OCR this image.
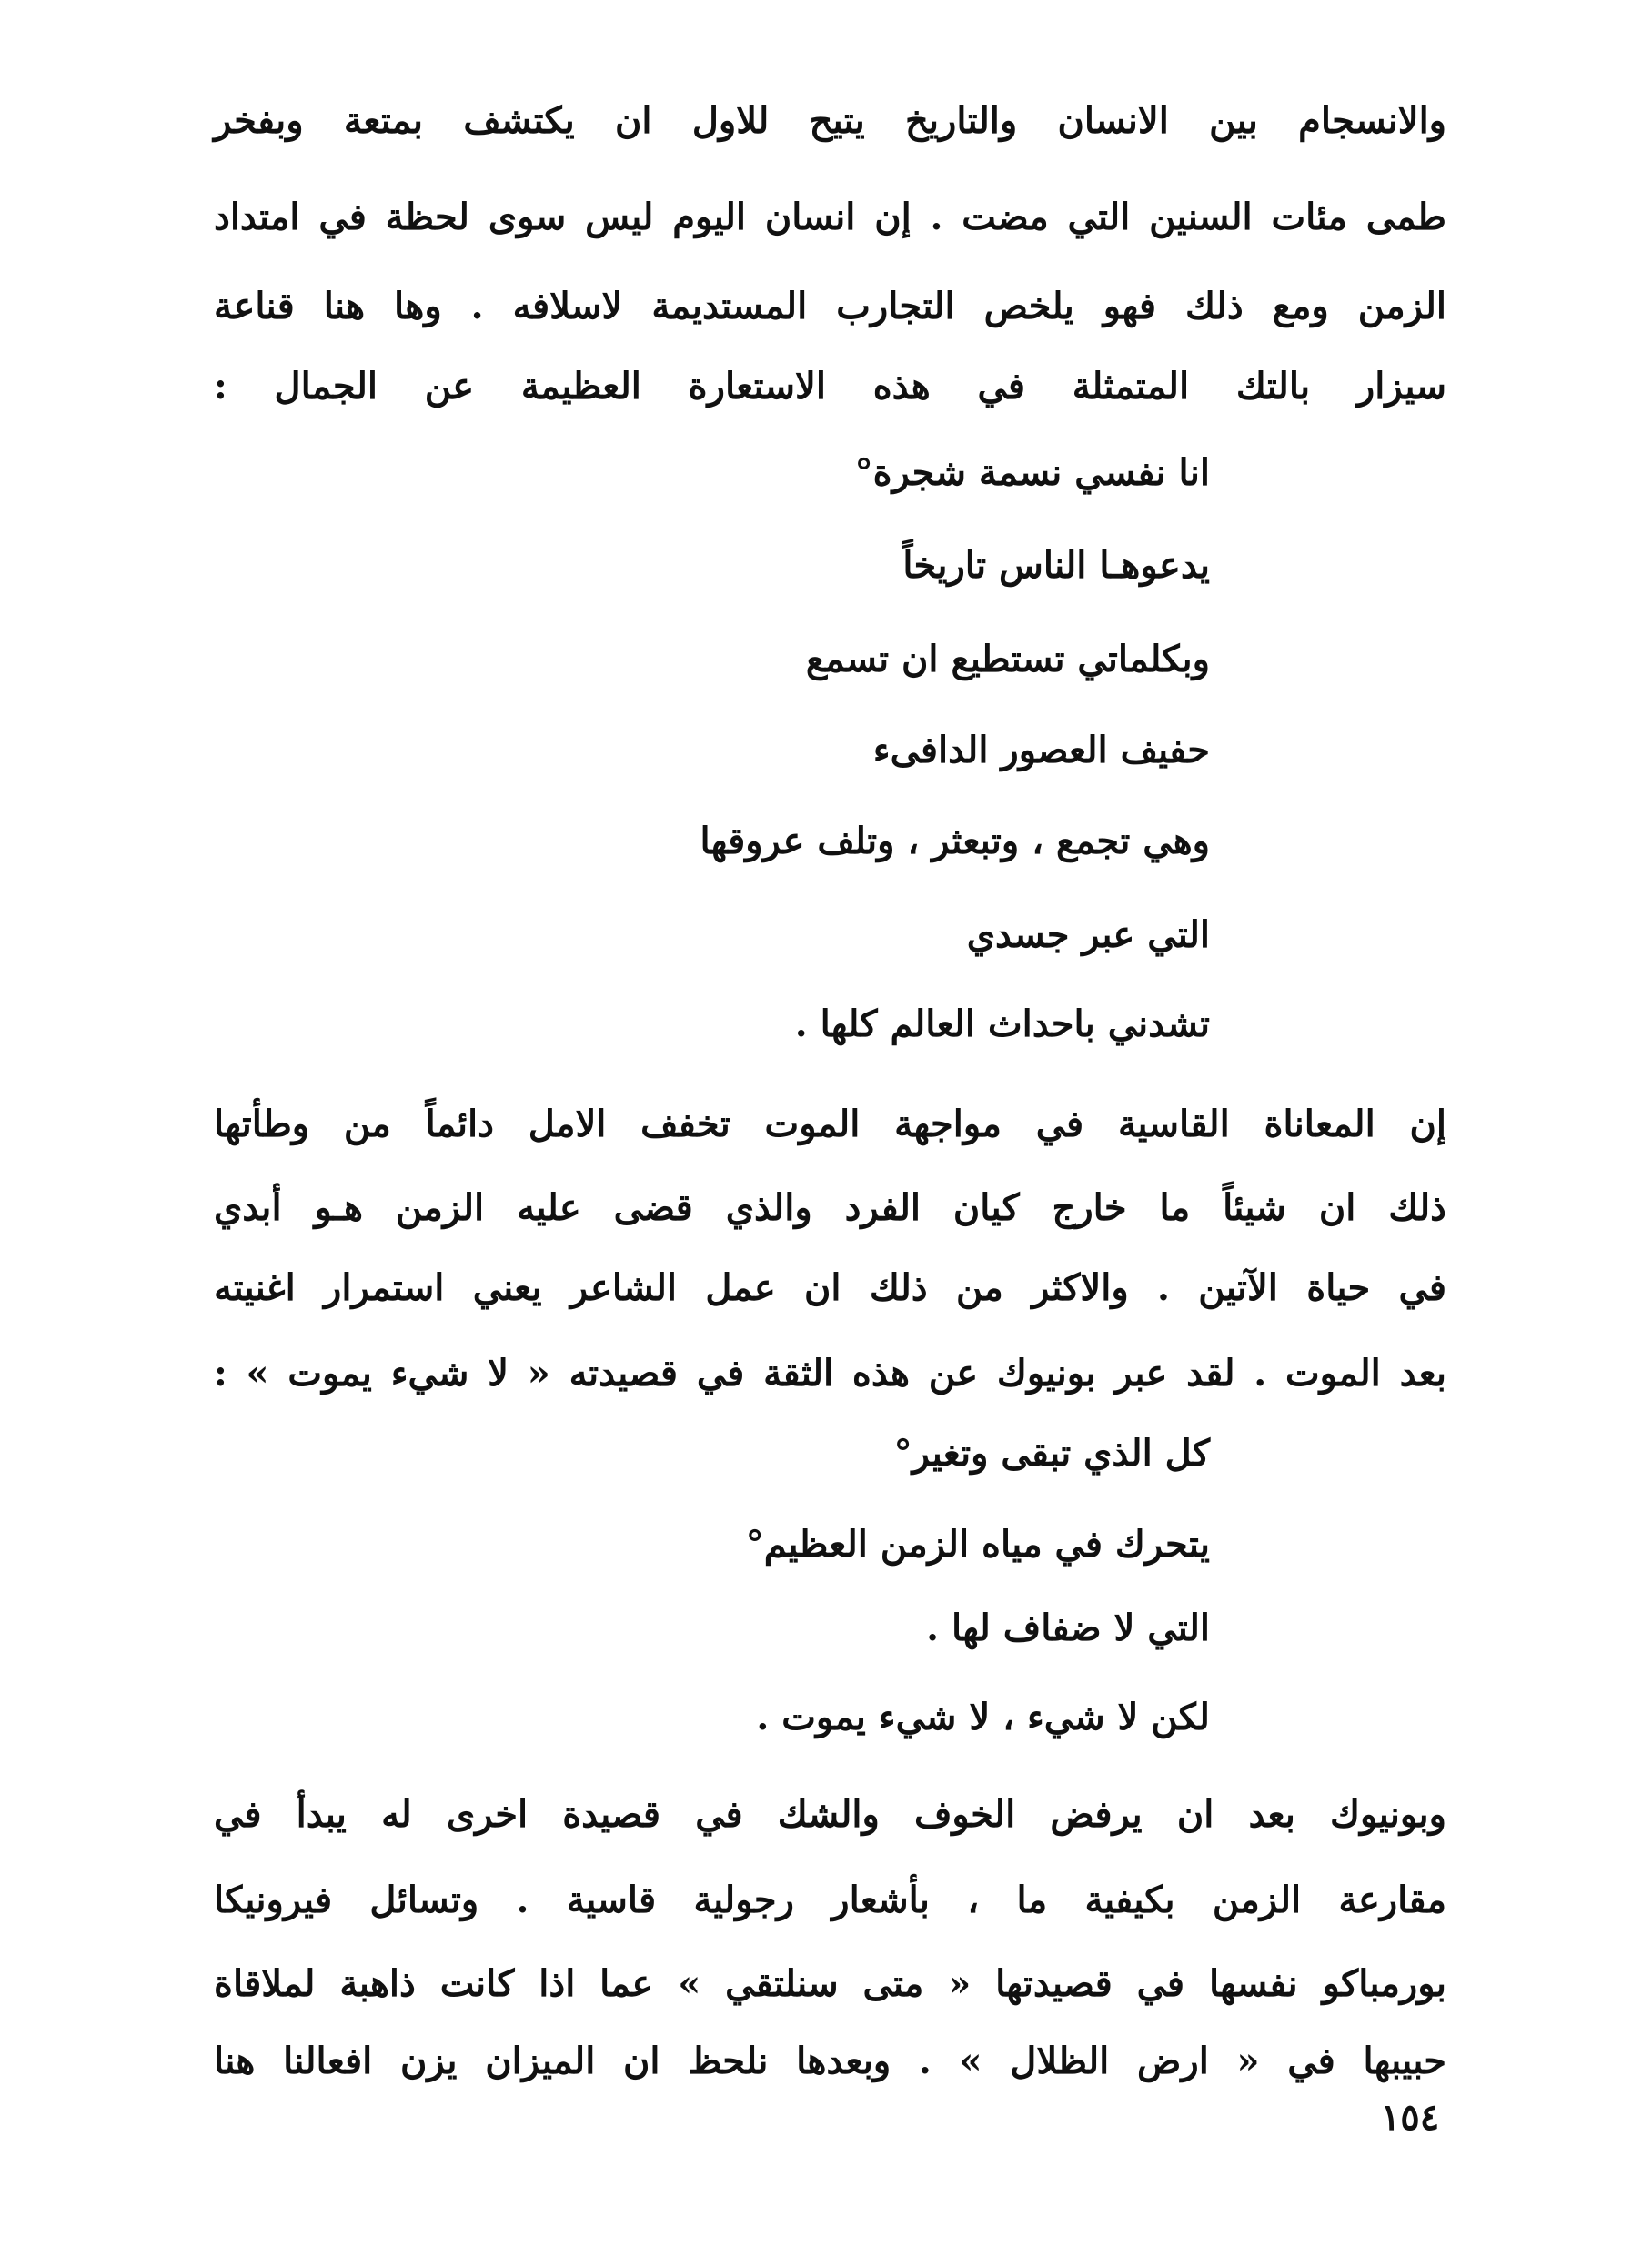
والانسجام بين الانسان والتاريخ يتيح للاول ان يكتشف بمتعة وبفخر
طمى مئات السنين التي مضت . إن انسان اليوم ليس سوى لحظة في امتداد
الزمن ومع ذلك فهو يلخص التجارب المستديمة لاسلافه . وها هنا قناعة
سيزار بالتك المتمثلة في هذه الاستعارة العظيمة عن الجمال :
انا نفسي نسمة شجرة°
يدعوهـا الناس تاريخاً
وبكلماتي تستطيع ان تسمع
حفيف العصور الدافىء
وهي تجمع ، وتبعثر ، وتلف عروقها
التي عبر جسدي
تشدني باحداث العالم كلها .
إن المعاناة القاسية في مواجهة الموت تخفف الامل دائماً من وطأتها
ذلك ان شيئاً ما خارج كيان الفرد والذي قضى عليه الزمن هـو أبدي
في حياة الآتين . والاكثر من ذلك ان عمل الشاعر يعني استمرار اغنيته
بعد الموت . لقد عبر بونيوك عن هذه الثقة في قصيدته « لا شيء يموت » :
كل الذي تبقى وتغير°
يتحرك في مياه الزمن العظيم°
التي لا ضفاف لها .
لكن لا شيء ، لا شيء يموت .
وبونيوك بعد ان يرفض الخوف والشك في قصيدة اخرى له يبدأ في
مقارعة الزمن بكيفية ما ، بأشعار رجولية قاسية . وتسائل فيرونيكا
بورمباكو نفسها في قصيدتها « متى سنلتقي » عما اذا كانت ذاهبة لملاقاة
حبيبها في « ارض الظلال » . وبعدها نلحظ ان الميزان يزن افعالنا هنا
١٥٤
